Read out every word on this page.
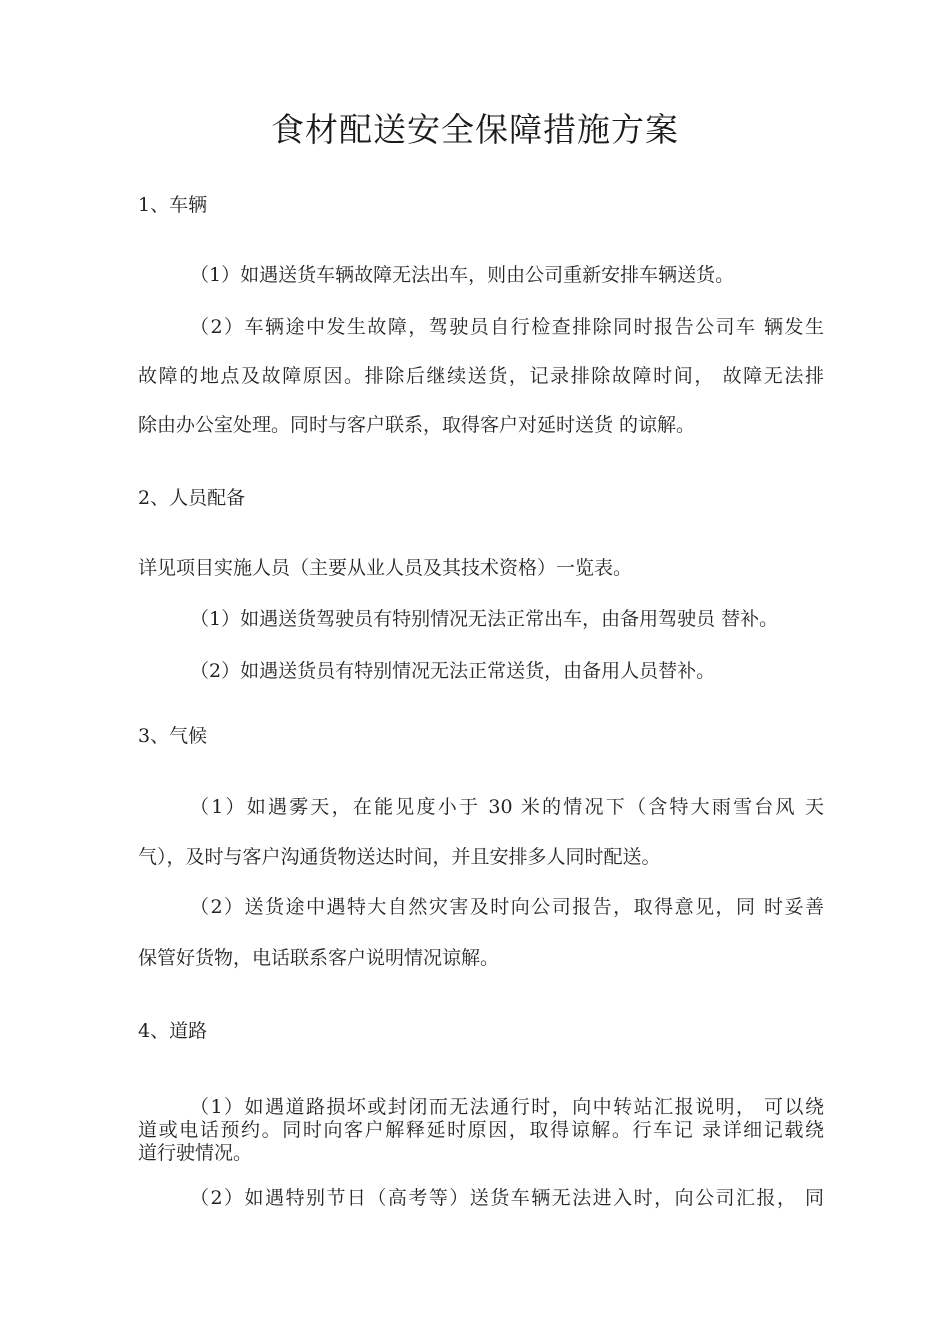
食材配送安全保障措施方案
1、车辆
（1）如遇送货车辆故障无法出车，则由公司重新安排车辆送货。
（2）车辆途中发生故障，驾驶员自行检查排除同时报告公司车 辆发生
故障的地点及故障原因。排除后继续送货，记录排除故障时间， 故障无法排
除由办公室处理。同时与客户联系，取得客户对延时送货 的谅解。
2、人员配备
详见项目实施人员（主要从业人员及其技术资格）一览表。
（1）如遇送货驾驶员有特别情况无法正常出车，由备用驾驶员 替补。
（2）如遇送货员有特别情况无法正常送货，由备用人员替补。
3、气候
（1）如遇雾天，在能见度小于 30 米的情况下（含特大雨雪台风 天
气），及时与客户沟通货物送达时间，并且安排多人同时配送。
（2）送货途中遇特大自然灾害及时向公司报告，取得意见，同 时妥善
保管好货物，电话联系客户说明情况谅解。
4、道路
（1）如遇道路损坏或封闭而无法通行时，向中转站汇报说明， 可以绕
道或电话预约。同时向客户解释延时原因，取得谅解。行车记 录详细记载绕
道行驶情况。
（2）如遇特别节日（高考等）送货车辆无法进入时，向公司汇报， 同
